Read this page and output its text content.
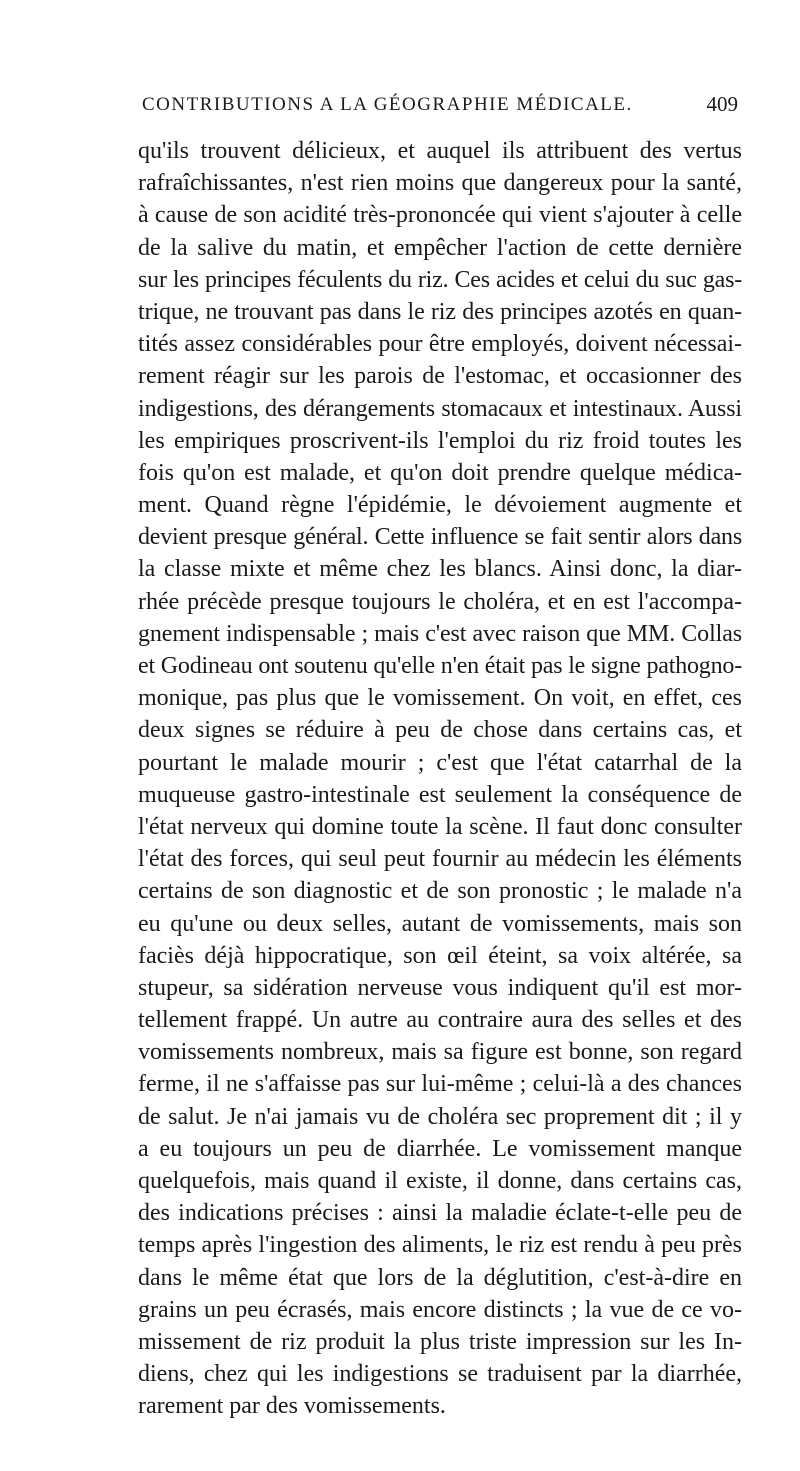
CONTRIBUTIONS A LA GÉOGRAPHIE MÉDICALE.	409
qu'ils trouvent délicieux, et auquel ils attribuent des vertus
rafraîchissantes, n'est rien moins que dangereux pour la santé,
à cause de son acidité très-prononcée qui vient s'ajouter à celle
de la salive du matin, et empêcher l'action de cette dernière
sur les principes féculents du riz. Ces acides et celui du suc gas-
trique, ne trouvant pas dans le riz des principes azotés en quan-
tités assez considérables pour être employés, doivent nécessai-
rement réagir sur les parois de l'estomac, et occasionner des
indigestions, des dérangements stomacaux et intestinaux. Aussi
les empiriques proscrivent-ils l'emploi du riz froid toutes les
fois qu'on est malade, et qu'on doit prendre quelque médica-
ment. Quand règne l'épidémie, le dévoiement augmente et
devient presque général. Cette influence se fait sentir alors dans
la classe mixte et même chez les blancs. Ainsi donc, la diar-
rhée précède presque toujours le choléra, et en est l'accompa-
gnement indispensable ; mais c'est avec raison que MM. Collas
et Godineau ont soutenu qu'elle n'en était pas le signe pathogno-
monique, pas plus que le vomissement. On voit, en effet, ces
deux signes se réduire à peu de chose dans certains cas, et
pourtant le malade mourir ; c'est que l'état catarrhal de la
muqueuse gastro-intestinale est seulement la conséquence de
l'état nerveux qui domine toute la scène. Il faut donc consulter
l'état des forces, qui seul peut fournir au médecin les éléments
certains de son diagnostic et de son pronostic ; le malade n'a
eu qu'une ou deux selles, autant de vomissements, mais son
faciès déjà hippocratique, son œil éteint, sa voix altérée, sa
stupeur, sa sidération nerveuse vous indiquent qu'il est mor-
tellement frappé. Un autre au contraire aura des selles et des
vomissements nombreux, mais sa figure est bonne, son regard
ferme, il ne s'affaisse pas sur lui-même ; celui-là a des chances
de salut. Je n'ai jamais vu de choléra sec proprement dit ; il y
a eu toujours un peu de diarrhée. Le vomissement manque
quelquefois, mais quand il existe, il donne, dans certains cas,
des indications précises : ainsi la maladie éclate-t-elle peu de
temps après l'ingestion des aliments, le riz est rendu à peu près
dans le même état que lors de la déglutition, c'est-à-dire en
grains un peu écrasés, mais encore distincts ; la vue de ce vo-
missement de riz produit la plus triste impression sur les In-
diens, chez qui les indigestions se traduisent par la diarrhée,
rarement par des vomissements.
